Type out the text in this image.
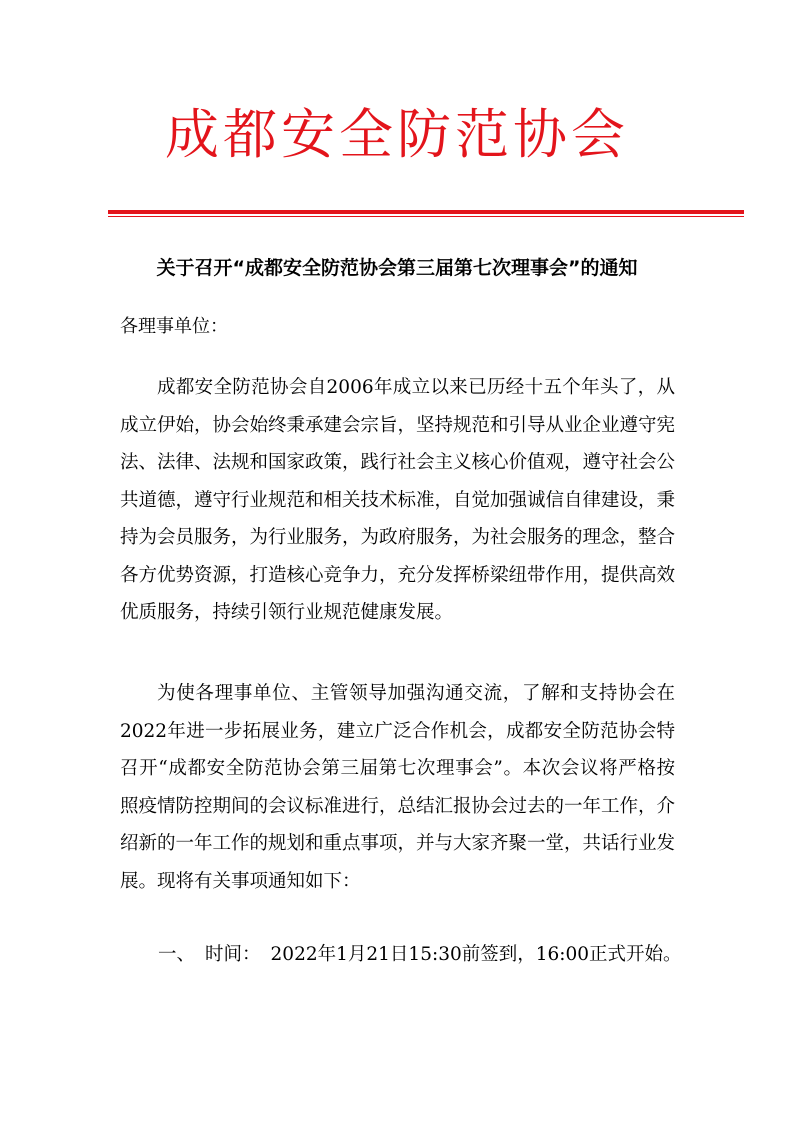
成都安全防范协会
关于召开“成都安全防范协会第三届第七次理事会”的通知
各理事单位：

成都安全防范协会自2006年成立以来已历经十五个年头了，从成立伊始，协会始终秉承建会宗旨，坚持规范和引导从业企业遵守宪法、法律、法规和国家政策，践行社会主义核心价值观，遵守社会公共道德，遵守行业规范和相关技术标准，自觉加强诚信自律建设，秉持为会员服务，为行业服务，为政府服务，为社会服务的理念，整合各方优势资源，打造核心竞争力，充分发挥桥梁纽带作用，提供高效优质服务，持续引领行业规范健康发展。

为使各理事单位、主管领导加强沟通交流，了解和支持协会在2022年进一步拓展业务，建立广泛合作机会，成都安全防范协会特召开“成都安全防范协会第三届第七次理事会”。本次会议将严格按照疫情防控期间的会议标准进行，总结汇报协会过去的一年工作，介绍新的一年工作的规划和重点事项，并与大家齐聚一堂，共话行业发展。现将有关事项通知如下：

一、 时间： 2022年1月21日15:30前签到，16:00正式开始。
